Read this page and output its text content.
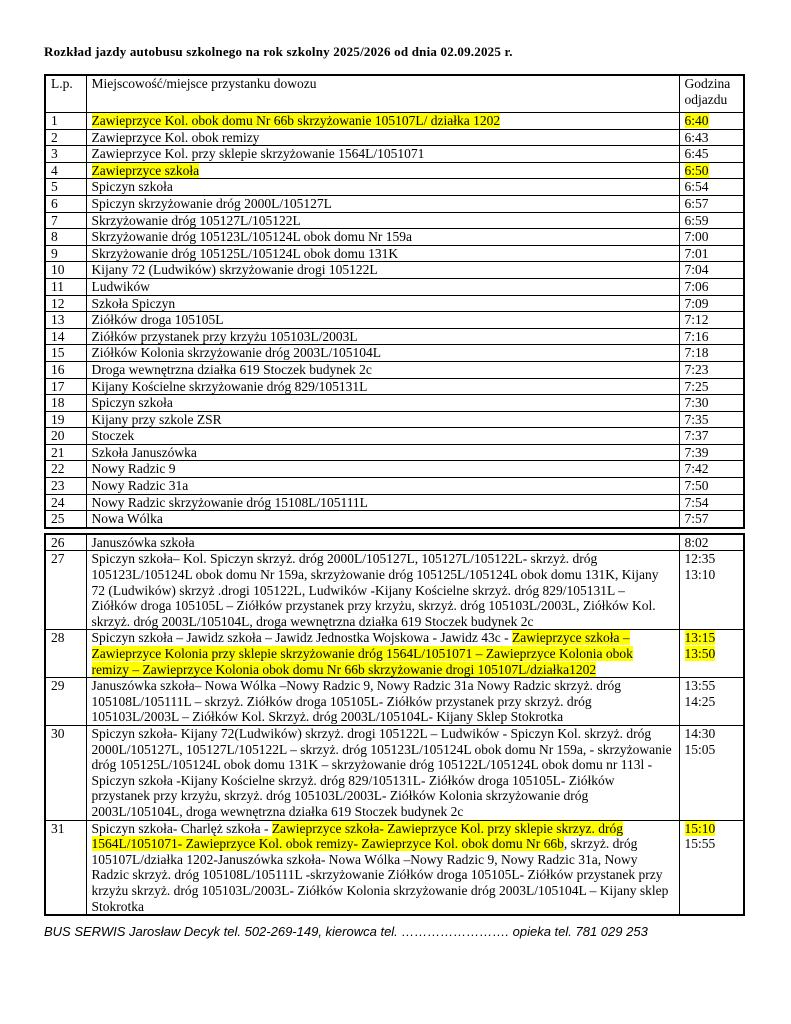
Rozkład jazdy autobusu szkolnego na rok szkolny 2025/2026 od dnia 02.09.2025 r.
L.p.	Miejscowość/miejsce przystanku dowozu	Godzina odjazdu
1	Zawieprzyce Kol. obok domu Nr 66b skrzyżowanie 105107L/ działka 1202	6:40

2	Zawieprzyce Kol. obok remizy	6:43

3	Zawieprzyce Kol. przy sklepie skrzyżowanie 1564L/1051071	6:45

4	Zawieprzyce szkoła	6:50

5	Spiczyn szkoła	6:54

6	Spiczyn skrzyżowanie dróg 2000L/105127L	6:57

7	Skrzyżowanie dróg 105127L/105122L	6:59

8	Skrzyżowanie dróg 105123L/105124L obok domu Nr 159a	7:00

9	Skrzyżowanie dróg 105125L/105124L obok domu 131K	7:01

10	Kijany 72 (Ludwików) skrzyżowanie drogi 105122L	7:04

11	Ludwików	7:06

12	Szkoła Spiczyn	7:09

13	Ziółków droga 105105L	7:12

14	Ziółków przystanek przy krzyżu 105103L/2003L	7:16

15	Ziółków Kolonia skrzyżowanie dróg 2003L/105104L	7:18

16	Droga wewnętrzna działka 619 Stoczek budynek 2c	7:23

17	Kijany Kościelne skrzyżowanie dróg 829/105131L	7:25

18	Spiczyn szkoła	7:30

19	Kijany przy szkole ZSR	7:35

20	Stoczek	7:37

21	Szkoła Januszówka	7:39

22	Nowy Radzic 9	7:42

23	Nowy Radzic 31a	7:50

24	Nowy Radzic skrzyżowanie dróg 15108L/105111L	7:54

25	Nowa Wólka	7:57
26	Januszówka szkoła	8:02

27	Spiczyn szkoła– Kol. Spiczyn skrzyż. dróg 2000L/105127L, 105127L/105122L- skrzyż. dróg 105123L/105124L obok domu Nr 159a, skrzyżowanie dróg 105125L/105124L obok domu 131K, Kijany 72 (Ludwików) skrzyż .drogi 105122L, Ludwików -Kijany Kościelne skrzyż. dróg 829/105131L – Ziółków droga 105105L – Ziółków przystanek przy krzyżu, skrzyż. dróg 105103L/2003L, Ziółków Kol. skrzyż. dróg 2003L/105104L, droga wewnętrzna działka 619 Stoczek budynek 2c	12:35
13:10

28	Spiczyn szkoła – Jawidz szkoła – Jawidz Jednostka Wojskowa - Jawidz 43c - Zawieprzyce szkoła – Zawieprzyce Kolonia przy sklepie skrzyżowanie dróg 1564L/1051071 – Zawieprzyce Kolonia obok remizy – Zawieprzyce Kolonia obok domu Nr 66b skrzyżowanie drogi 105107L/działka1202	13:15
13:50

29	Januszówka szkoła– Nowa Wólka –Nowy Radzic 9, Nowy Radzic 31a Nowy Radzic skrzyż. dróg 105108L/105111L – skrzyż. Ziółków droga 105105L- Ziółków przystanek przy skrzyż. dróg 105103L/2003L – Ziółków Kol. Skrzyż. dróg 2003L/105104L- Kijany Sklep Stokrotka	13:55
14:25

30	Spiczyn szkoła- Kijany 72(Ludwików) skrzyż. drogi 105122L – Ludwików - Spiczyn Kol. skrzyż. dróg 2000L/105127L, 105127L/105122L – skrzyż. dróg 105123L/105124L obok domu Nr 159a, - skrzyżowanie dróg 105125L/105124L obok domu 131K – skrzyżowanie dróg 105122L/105124L obok domu nr 113l - Spiczyn szkoła -Kijany Kościelne skrzyż. dróg 829/105131L- Ziółków droga 105105L- Ziółków przystanek przy krzyżu, skrzyż. dróg 105103L/2003L- Ziółków Kolonia skrzyżowanie dróg 2003L/105104L, droga wewnętrzna działka 619 Stoczek budynek 2c	14:30
15:05

31	Spiczyn szkoła- Charlęż szkoła - Zawieprzyce szkoła- Zawieprzyce Kol. przy sklepie skrzyz. dróg 1564L/1051071- Zawieprzyce Kol. obok remizy- Zawieprzyce Kol. obok domu Nr 66b, skrzyż. dróg 105107L/działka 1202-Januszówka szkoła- Nowa Wólka –Nowy Radzic 9, Nowy Radzic 31a, Nowy Radzic skrzyż. dróg 105108L/105111L -skrzyżowanie Ziółków droga 105105L- Ziółków przystanek przy krzyżu skrzyż. dróg 105103L/2003L- Ziółków Kolonia skrzyżowanie dróg 2003L/105104L – Kijany sklep Stokrotka	15:10
15:55
BUS SERWIS Jarosław Decyk tel. 502-269-149, kierowca tel. ……………………. opieka tel. 781 029 253
